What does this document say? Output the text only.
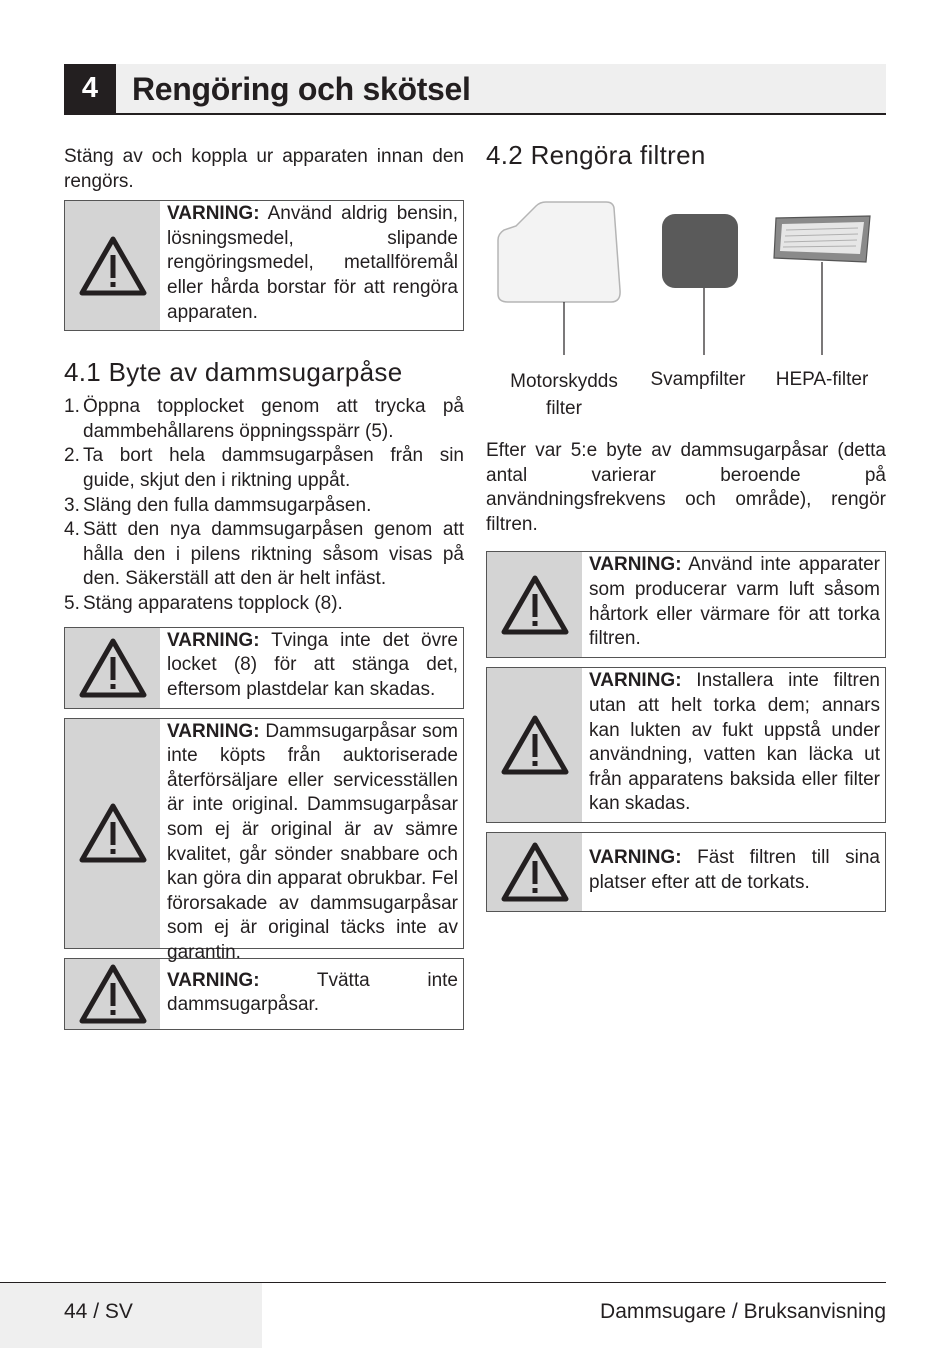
4	Rengöring och skötsel

Stäng av och koppla ur apparaten innan den rengörs.

VARNING: Använd aldrig bensin, lösningsmedel, slipande rengöringsmedel, metallföremål eller hårda borstar för att rengöra apparaten.
4.1 Byte av dammsugarpåse
1. Öppna topplocket genom att trycka på dammbehållarens öppningsspärr (5).
2. Ta bort hela dammsugarpåsen från sin guide, skjut den i riktning uppåt.
3. Släng den fulla dammsugarpåsen.
4. Sätt den nya dammsugarpåsen genom att hålla den i pilens riktning såsom visas på den. Säkerställ att den är helt infäst.
5. Stäng apparatens topplock (8).
VARNING: Tvinga inte det övre locket (8) för att stänga det, eftersom plastdelar kan skadas.
VARNING: Dammsugarpåsar som inte köpts från auktoriserade återförsäljare eller servicesställen är inte original. Dammsugarpåsar som ej är original är av sämre kvalitet, går sönder snabbare och kan göra din apparat obrukbar. Fel förorsakade av dammsugarpåsar som ej är original täcks inte av garantin.
VARNING: Tvätta inte dammsugarpåsar.
4.2 Rengöra filtren
Motorskydds filter
Svampfilter	HEPA-filter

Efter var 5:e byte av dammsugarpåsar (detta antal varierar beroende på användningsfrekvens och område), rengör filtren.

VARNING: Använd inte apparater som producerar varm luft såsom hårtork eller värmare för att torka filtren.
VARNING: Installera inte filtren utan att helt torka dem; annars kan lukten av fukt uppstå under användning, vatten kan läcka ut från apparatens baksida eller filter kan skadas.
VARNING: Fäst filtren till sina platser efter att de torkats.
44 / SV	Dammsugare / Bruksanvisning
